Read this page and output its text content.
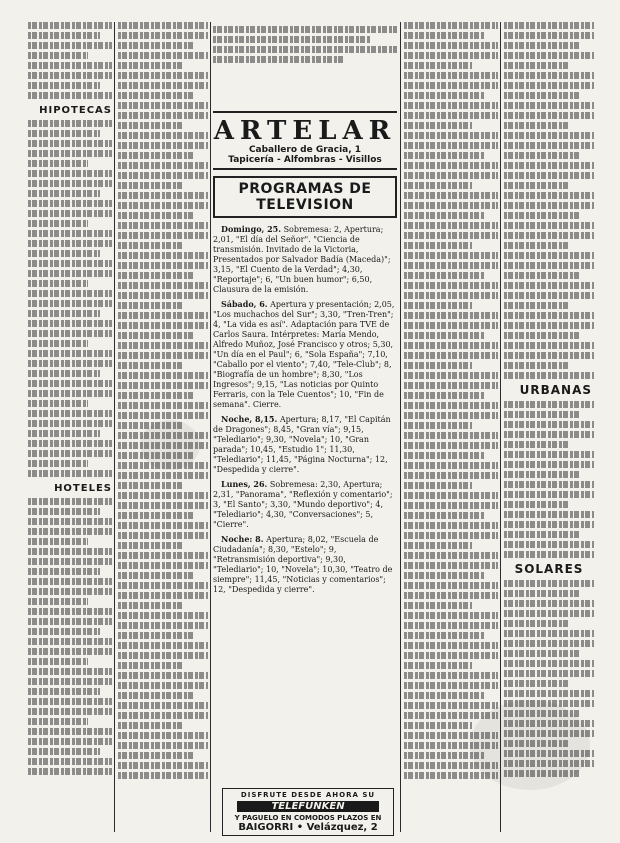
HIPOTECAS
HOTELES
ARTELAR
Caballero de Gracia, 1
Tapicería - Alfombras - Visillos
PROGRAMAS DE TELEVISION

Domingo, 25. Sobremesa: 2, Apertura; 2,01, "El día del Señor". "Ciencia de transmisión. Invitado de la Victoria, Presentados por Salvador Badía (Maceda)"; 3,15, "El Cuento de la Verdad"; 4,30, "Reportaje"; 6, "Un buen humor"; 6,50, Clausura de la emisión.

Sábado, 6. Apertura y presentación; 2,05, "Los muchachos del Sur"; 3,30, "Tren-Tren"; 4, "La vida es así". Adaptación para TVE de Carlos Saura. Intérpretes: María Mendo, Alfredo Muñoz, José Francisco y otros; 5,30, "Un día en el Paul"; 6, "Sola España"; 7,10, "Caballo por el viento"; 7,40, "Tele-Club"; 8, "Biografía de un hombre"; 8,30, "Los Ingresos"; 9,15, "Las noticias por Quinto Ferraris, con la Tele Cuentos"; 10, "Fin de semana". Cierre.

Noche, 8,15. Apertura; 8,17, "El Capitán de Dragones"; 8,45, "Gran vía"; 9,15, "Telediario"; 9,30, "Novela"; 10, "Gran parada"; 10,45, "Estudio 1"; 11,30, "Telediario"; 11,45, "Página Nocturna"; 12, "Despedida y cierre".

Lunes, 26. Sobremesa: 2,30, Apertura; 2,31, "Panorama", "Reflexión y comentario"; 3, "El Santo"; 3,30, "Mundo deportivo"; 4, "Telediario"; 4,30, "Conversaciones"; 5, "Cierre".

Noche: 8. Apertura; 8,02, "Escuela de Ciudadanía"; 8,30, "Estelo"; 9, "Retransmisión deportiva"; 9,30, "Telediario"; 10, "Novela"; 10,30, "Teatro de siempre"; 11,45, "Noticias y comentarios"; 12, "Despedida y cierre".

DISFRUTE DESDE AHORA SU
TELEFUNKEN
Y PAGUELO EN COMODOS PLAZOS EN
BAIGORRI • Velázquez, 2
URBANAS
SOLARES
